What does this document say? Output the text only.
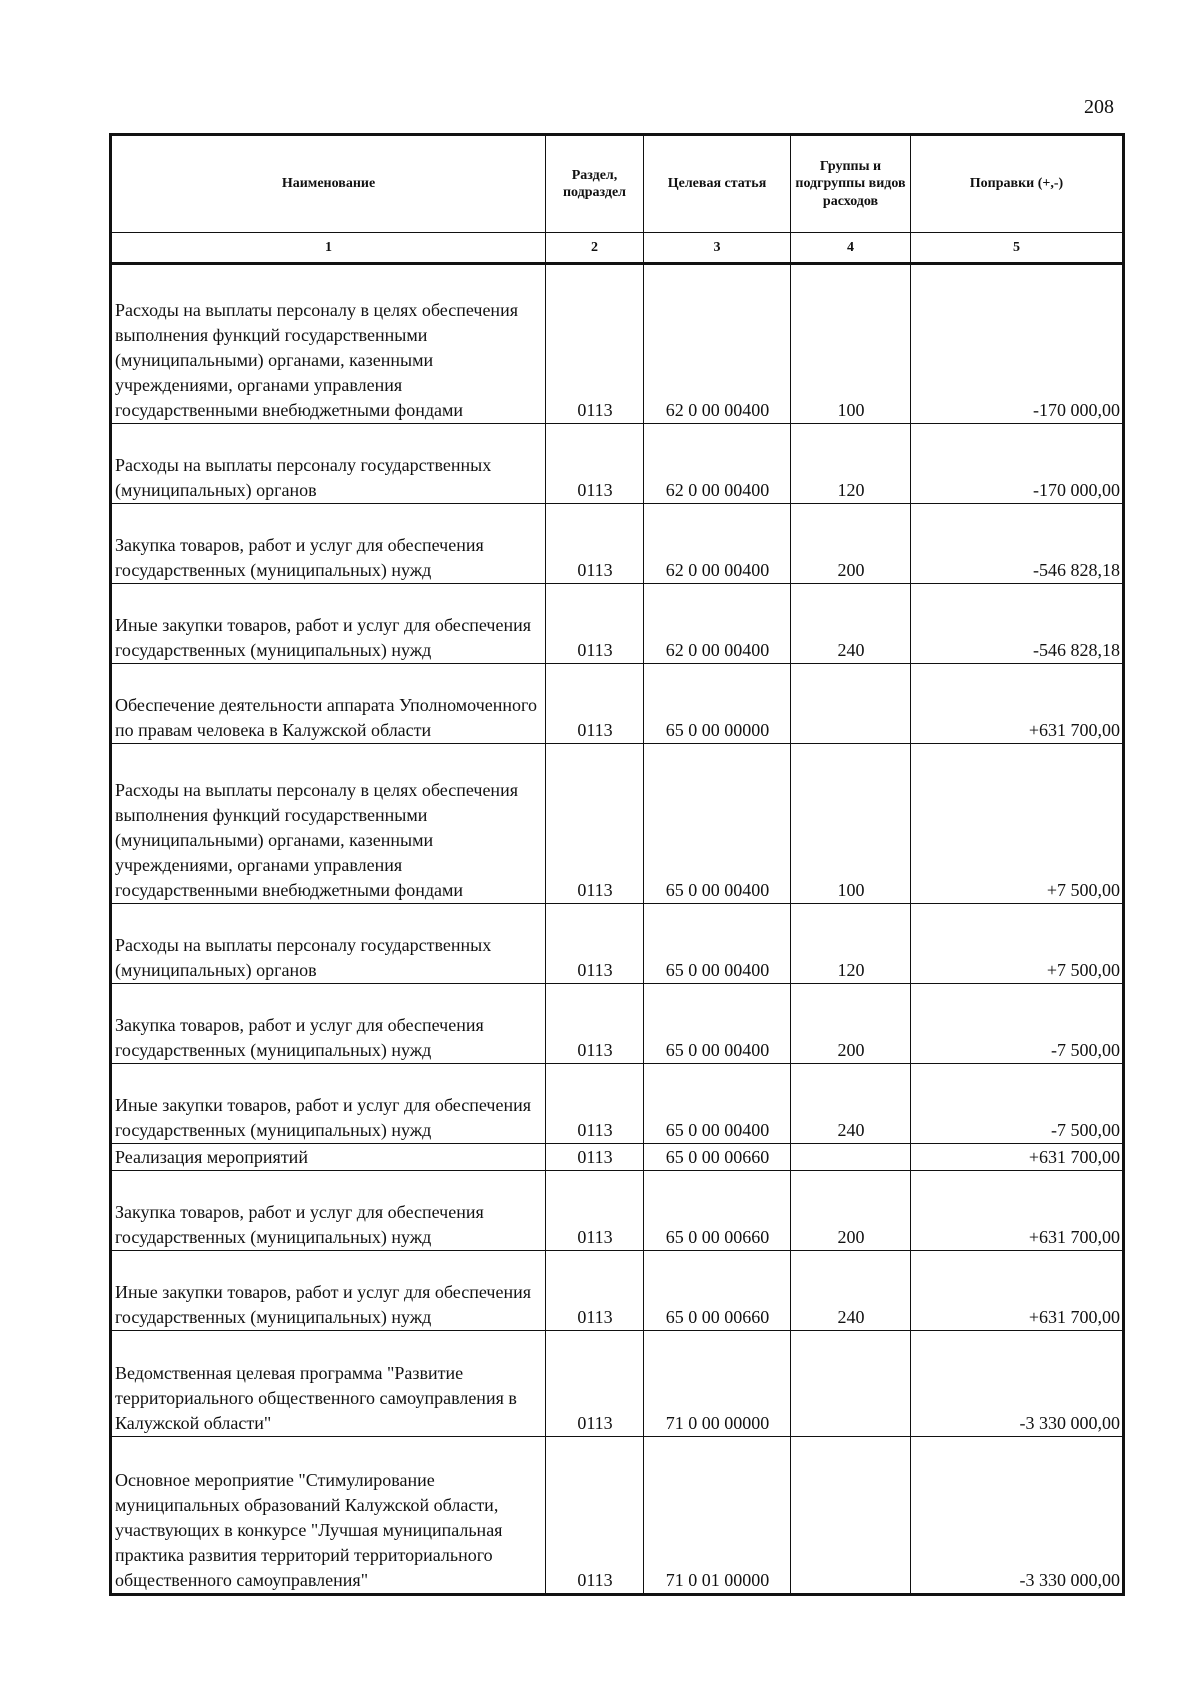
208
Наименование	Раздел, подраздел	Целевая статья	Группы и подгруппы видов расходов	Поправки (+,-)
1	2	3	4	5
Расходы на выплаты персоналу в целях обеспечения выполнения функций государственными (муниципальными) органами, казенными учреждениями, органами управления государственными внебюджетными фондами	0113	62 0 00 00400	100	-170 000,00
Расходы на выплаты персоналу государственных (муниципальных) органов	0113	62 0 00 00400	120	-170 000,00
Закупка товаров, работ и услуг для обеспечения государственных (муниципальных) нужд	0113	62 0 00 00400	200	-546 828,18
Иные закупки товаров, работ и услуг для обеспечения государственных (муниципальных) нужд	0113	62 0 00 00400	240	-546 828,18
Обеспечение деятельности аппарата Уполномоченного по правам человека в Калужской области	0113	65 0 00 00000		+631 700,00
Расходы на выплаты персоналу в целях обеспечения выполнения функций государственными (муниципальными) органами, казенными учреждениями, органами управления государственными внебюджетными фондами	0113	65 0 00 00400	100	+7 500,00
Расходы на выплаты персоналу государственных (муниципальных) органов	0113	65 0 00 00400	120	+7 500,00
Закупка товаров, работ и услуг для обеспечения государственных (муниципальных) нужд	0113	65 0 00 00400	200	-7 500,00
Иные закупки товаров, работ и услуг для обеспечения государственных (муниципальных) нужд	0113	65 0 00 00400	240	-7 500,00
Реализация мероприятий	0113	65 0 00 00660		+631 700,00
Закупка товаров, работ и услуг для обеспечения государственных (муниципальных) нужд	0113	65 0 00 00660	200	+631 700,00
Иные закупки товаров, работ и услуг для обеспечения государственных (муниципальных) нужд	0113	65 0 00 00660	240	+631 700,00
Ведомственная целевая программа "Развитие территориального общественного самоуправления в Калужской области"	0113	71 0 00 00000		-3 330 000,00
Основное мероприятие "Стимулирование муниципальных образований Калужской области, участвующих в конкурсе "Лучшая муниципальная практика развития территорий территориального общественного самоуправления"	0113	71 0 01 00000		-3 330 000,00
